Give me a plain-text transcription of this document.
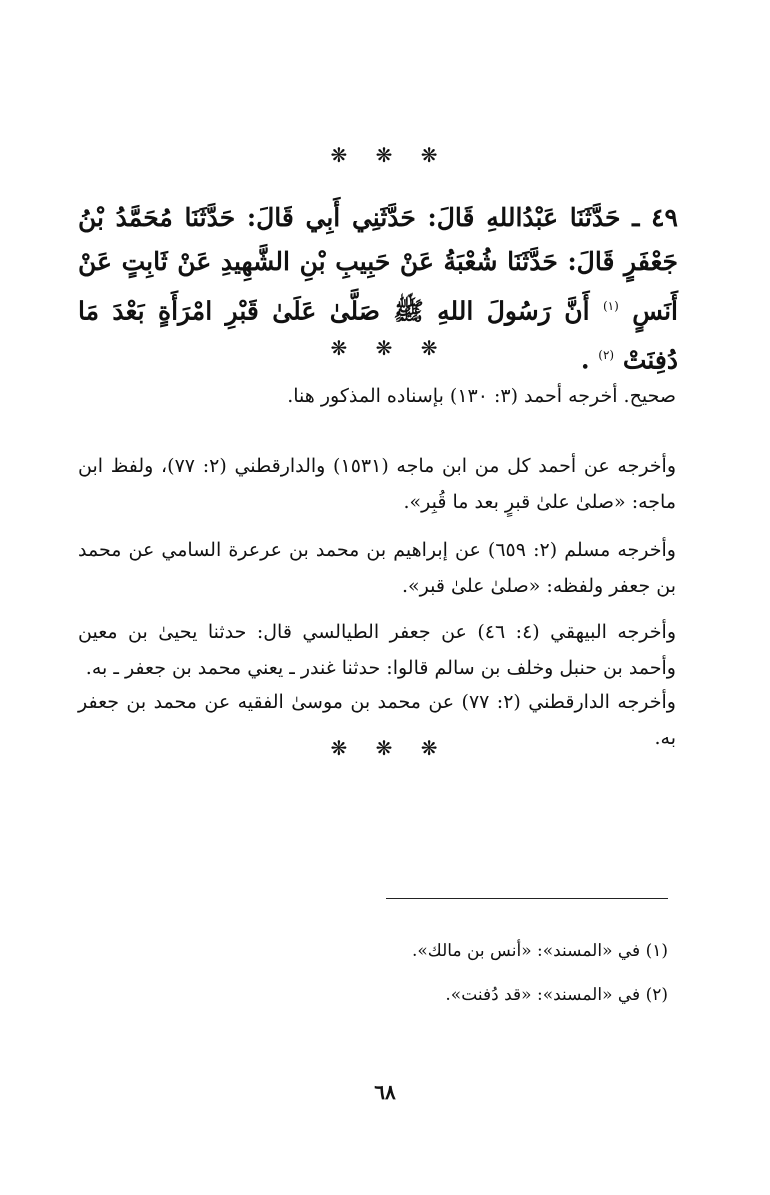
❋ ❋ ❋
٤٩ ـ حَدَّثَنَا عَبْدُاللهِ قَالَ: حَدَّثَنِي أَبِي قَالَ: حَدَّثَنَا مُحَمَّدُ بْنُ جَعْفَرٍ قَالَ: حَدَّثَنَا شُعْبَةُ عَنْ حَبِيبِ بْنِ الشَّهِيدِ عَنْ ثَابِتٍ عَنْ أَنَسٍ $^{(١)}$ أَنَّ رَسُولَ اللهِ ﷺ صَلَّىٰ عَلَىٰ قَبْرِ امْرَأَةٍ بَعْدَ مَا دُفِنَتْ $^{(٢)}$ .
❋ ❋ ❋
صحيح. أخرجه أحمد (٣: ١٣٠) بإسناده المذكور هنا.
وأخرجه عن أحمد كل من ابن ماجه (١٥٣١) والدارقطني (٢: ٧٧)، ولفظ ابن ماجه: «صلىٰ علىٰ قبرٍ بعد ما قُبِر».
وأخرجه مسلم (٢: ٦٥٩) عن إبراهيم بن محمد بن عرعرة السامي عن محمد بن جعفر ولفظه: «صلىٰ علىٰ قبر».
وأخرجه البيهقي (٤: ٤٦) عن جعفر الطيالسي قال: حدثنا يحيىٰ بن معين وأحمد بن حنبل وخلف بن سالم قالوا: حدثنا غندر ـ يعني محمد بن جعفر ـ به.
وأخرجه الدارقطني (٢: ٧٧) عن محمد بن موسىٰ الفقيه عن محمد بن جعفر به.
❋ ❋ ❋
(١) في «المسند»: «أنس بن مالك».
(٢) في «المسند»: «قد دُفنت».
٦٨
